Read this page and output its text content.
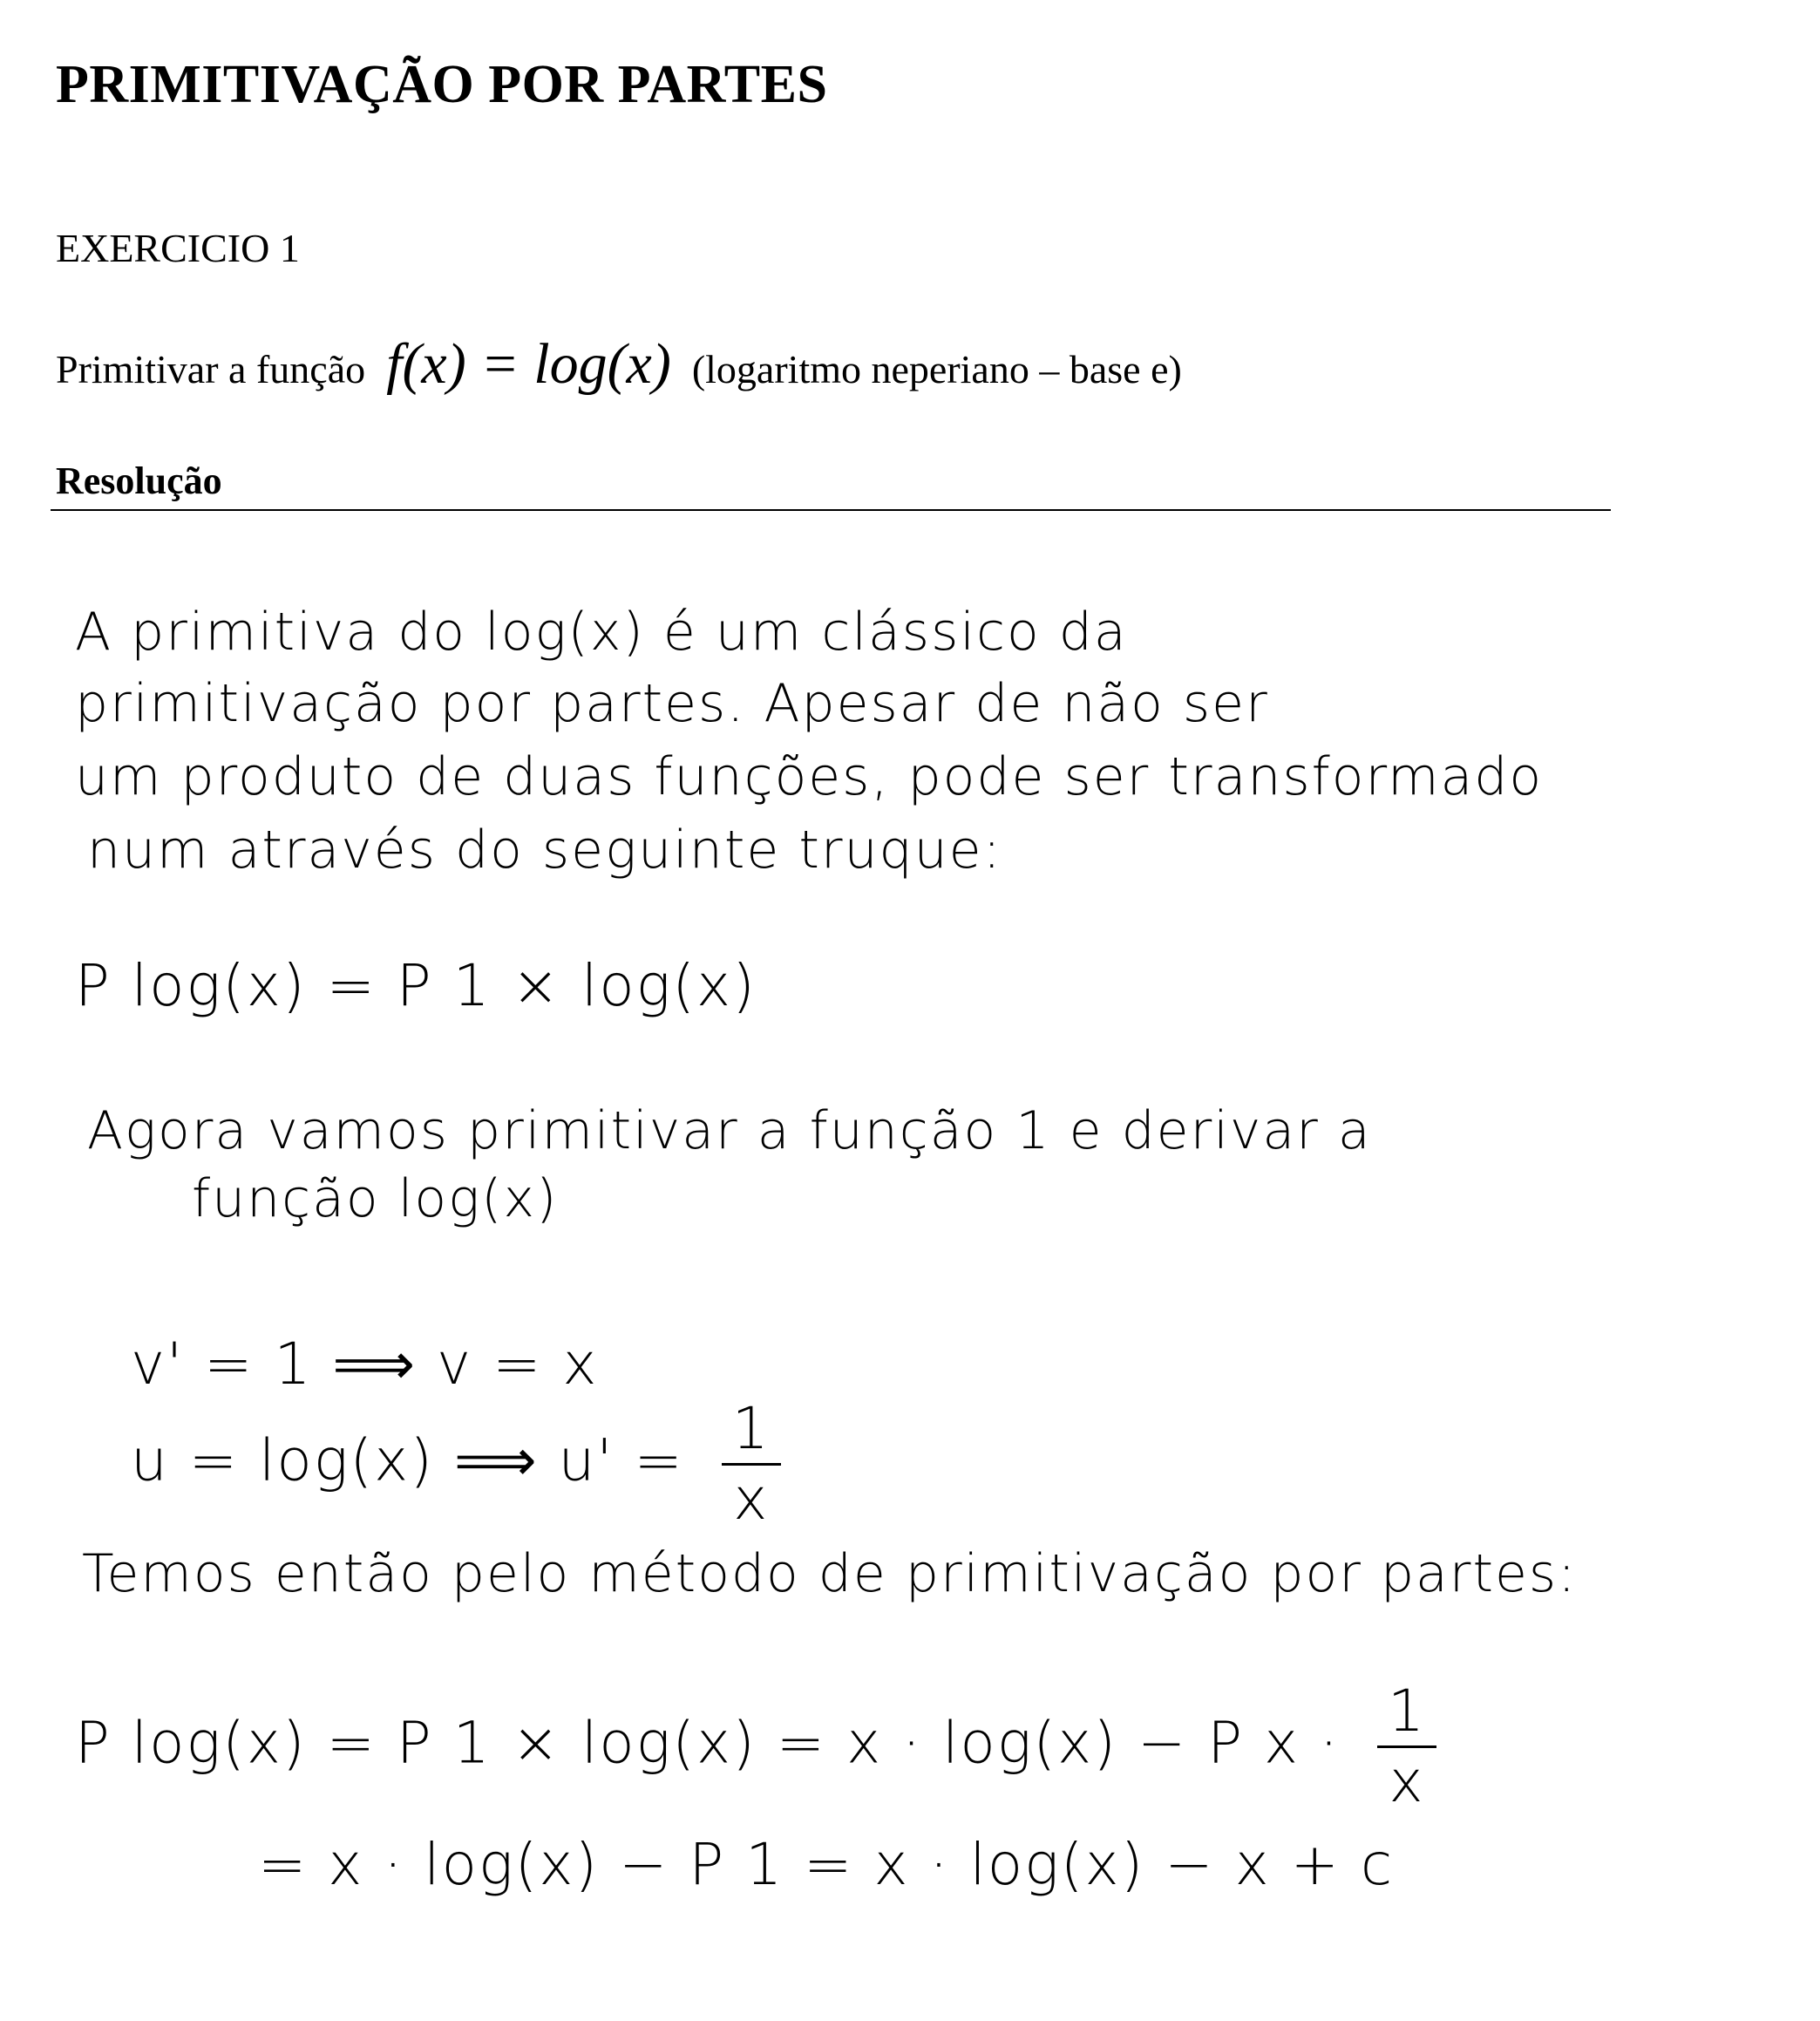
PRIMITIVAÇÃO POR PARTES
EXERCICIO 1
Primitivar a função f(x) = log(x) (logaritmo neperiano – base e)
Resolução
A primitiva do log(x) é um clássico da
primitivação por partes. Apesar de não ser
um produto de duas funções, pode ser transformado
num através do seguinte truque:
P log(x) = P 1 × log(x)
Agora vamos primitivar a função 1 e derivar a
função log(x)
v' = 1 ⟹ v = x
u = log(x) ⟹ $u' = \frac{1}{x}$
Temos então pelo método de primitivação por partes:
P log(x) = P 1 × log(x) = x · log(x) − P $x \cdot \frac{1}{x}$
= x · log(x) − P 1 = x · log(x) − x + c
